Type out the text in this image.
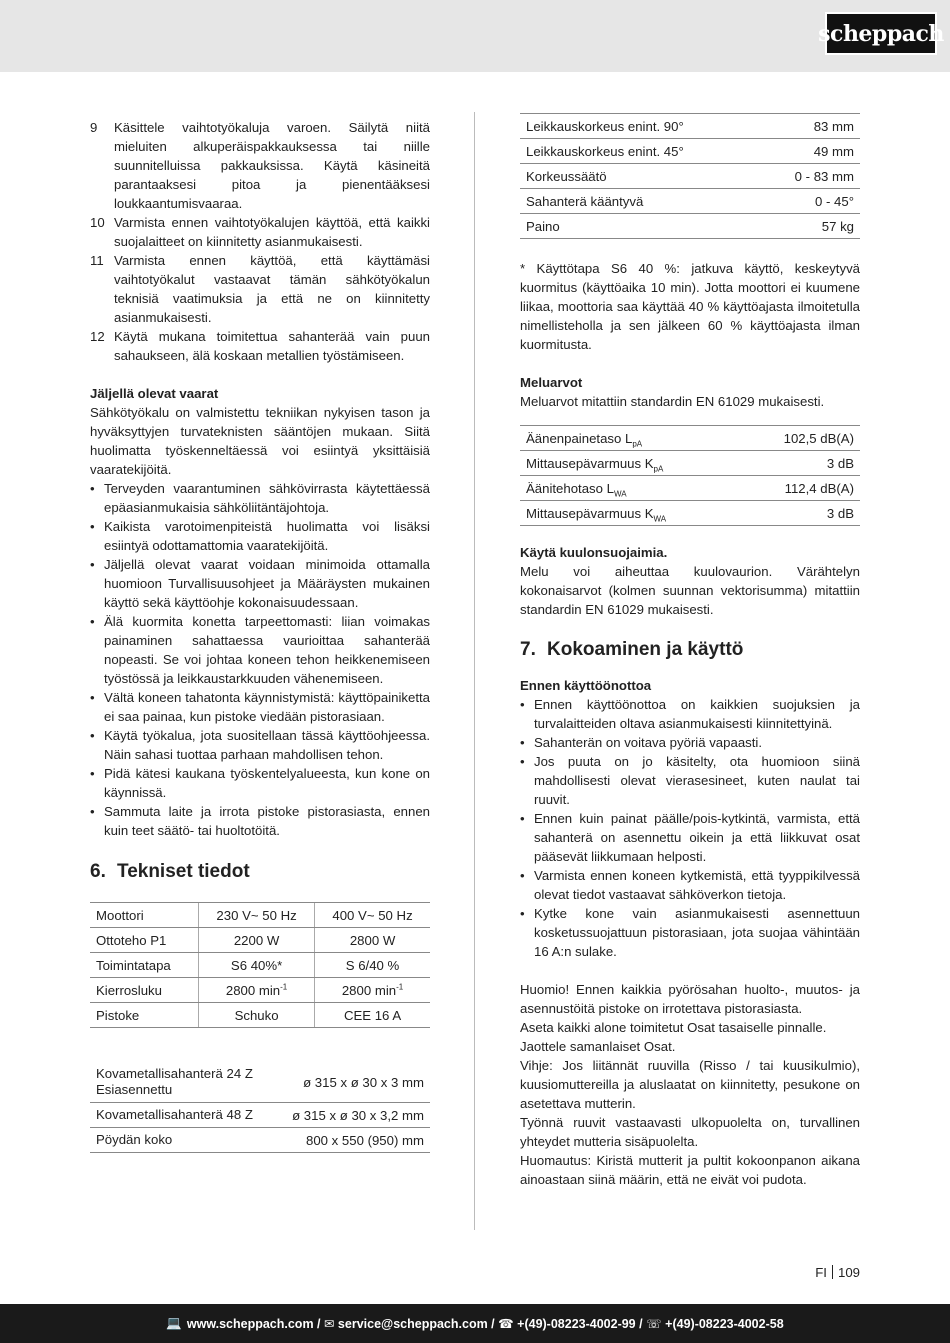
scheppach
9	Käsittele vaihtotyökaluja varoen. Säilytä niitä mieluiten alkuperäispakkauksessa tai niille suunnitelluissa pakkauksissa. Käytä käsineitä parantaaksesi pitoa ja pienentääksesi loukkaantumisvaaraa.
10 Varmista ennen vaihtotyökalujen käyttöä, että kaikki suojalaitteet on kiinnitetty asianmukaisesti.
11 Varmista ennen käyttöä, että käyttämäsi vaihtotyökalut vastaavat tämän sähkötyökalun teknisiä vaatimuksia ja että ne on kiinnitetty asianmukaisesti.
12 Käytä mukana toimitettua sahanterää vain puun sahaukseen, älä koskaan metallien työstämiseen.
Jäljellä olevat vaarat

Sähkötyökalu on valmistettu tekniikan nykyisen tason ja hyväksyttyjen turvateknisten sääntöjen mukaan. Siitä huolimatta työskenneltäessä voi esiintyä yksittäisiä vaaratekijöitä.

• Terveyden vaarantuminen sähkövirrasta käytettäessä epäasianmukaisia sähköliitäntäjohtoja.
• Kaikista varotoimenpiteistä huolimatta voi lisäksi esiintyä odottamattomia vaaratekijöitä.
• Jäljellä olevat vaarat voidaan minimoida ottamalla huomioon Turvallisuusohjeet ja Määräysten mukainen käyttö sekä käyttöohje kokonaisuudessaan.
• Älä kuormita konetta tarpeettomasti: liian voimakas painaminen sahattaessa vaurioittaa sahanterää nopeasti. Se voi johtaa koneen tehon heikkenemiseen työstössä ja leikkaustarkkuuden vähenemiseen.
• Vältä koneen tahatonta käynnistymistä: käyttöpainiketta ei saa painaa, kun pistoke viedään pistorasiaan.
• Käytä työkalua, jota suositellaan tässä käyttöohjeessa. Näin sahasi tuottaa parhaan mahdollisen tehon.
• Pidä kätesi kaukana työskentelyalueesta, kun kone on käynnissä.
• Sammuta laite ja irrota pistoke pistorasiasta, ennen kuin teet säätö- tai huoltotöitä.
6. Tekniset tiedot
Moottori	230 V~ 50 Hz	400 V~ 50 Hz
Ottoteho P1	2200 W	2800 W
Toimintatapa	S6 40%*	S 6/40 %
Kierrosluku	2800 $\min^{-1}$	2800 $\min^{-1}$
Pistoke	Schuko	CEE 16 A
Kovametallisahanterä 24 Z
Esiasennettu	ø 315 x ø 30 x 3 mm

Kovametallisahanterä 48 Z	ø 315 x ø 30 x 3,2 mm

Pöydän koko	800 x 550 (950) mm
Leikkauskorkeus enint. 90°	83 mm
Leikkauskorkeus enint. 45°	49 mm
Korkeussäätö	0 - 83 mm
Sahanterä kääntyvä	0 - 45°
Paino	57 kg

* Käyttötapa S6 40 %: jatkuva käyttö, keskeytyvä kuormitus (käyttöaika 10 min). Jotta moottori ei kuumene liikaa, moottoria saa käyttää 40 % käyttöajasta ilmoitetulla nimellisteholla ja sen jälkeen 60 % käyttöajasta ilman kuormitusta.

Meluarvot

Meluarvot mitattiin standardin EN 61029 mukaisesti.

Äänenpainetaso $L_{pA}$	102,5 dB(A)
Mittausepävarmuus $K_{pA}$	3 dB
Äänitehotaso $L_{WA}$	112,4 dB(A)
Mittausepävarmuus $K_{WA}$	3 dB
Käytä kuulonsuojaimia.

Melu voi aiheuttaa kuulovaurion. Värähtelyn kokonaisarvot (kolmen suunnan vektorisumma) mitattiin standardin EN 61029 mukaisesti.

7. Kokoaminen ja käyttö
Ennen käyttöönottoa
• Ennen käyttöönottoa on kaikkien suojuksien ja turvalaitteiden oltava asianmukaisesti kiinnitettyinä.
• Sahanterän on voitava pyöriä vapaasti.
• Jos puuta on jo käsitelty, ota huomioon siinä mahdollisesti olevat vierasesineet, kuten naulat tai ruuvit.
• Ennen kuin painat päälle/pois-kytkintä, varmista, että sahanterä on asennettu oikein ja että liikkuvat osat pääsevät liikkumaan helposti.
• Varmista ennen koneen kytkemistä, että tyyppikilvessä olevat tiedot vastaavat sähköverkon tietoja.
• Kytke kone vain asianmukaisesti asennettuun kosketussuojattuun pistorasiaan, jota suojaa vähintään 16 A:n sulake.

Huomio! Ennen kaikkia pyörösahan huolto-, muutos- ja asennustöitä pistoke on irrotettava pistorasiasta.

Aseta kaikki alone toimitetut Osat tasaiselle pinnalle.

Jaottele samanlaiset Osat.

Vihje: Jos liitännät ruuvilla (Risso / tai kuusikulmio), kuusiomuttereilla ja aluslaatat on kiinnitetty, pesukone on asetettava mutterin.

Työnnä ruuvit vastaavasti ulkopuolelta on, turvallinen yhteydet mutteria sisäpuolelta.

Huomautus: Kiristä mutterit ja pultit kokoonpanon aikana ainoastaan siinä määrin, että ne eivät voi pudota.

FI 109
💻 www.scheppach.com / ✉ service@scheppach.com / ☎ +(49)-08223-4002-99 / ☏ +(49)-08223-4002-58
